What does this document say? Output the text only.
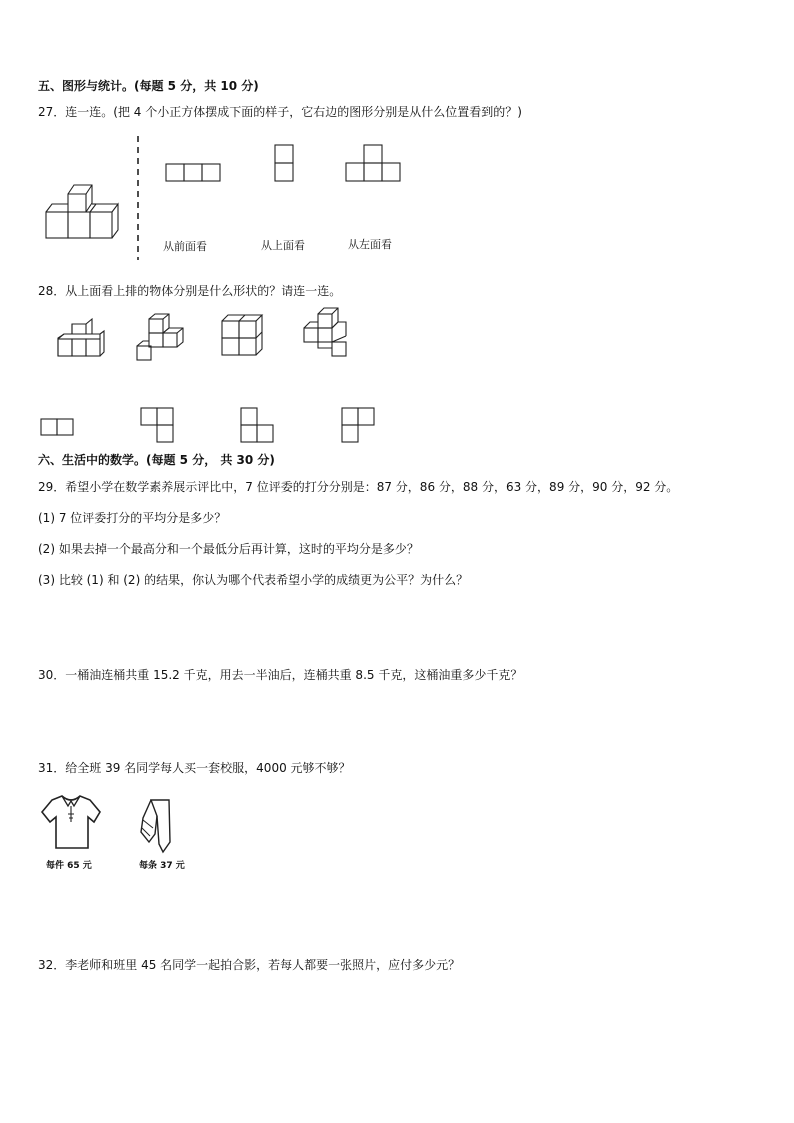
五、图形与统计。(每题 5 分，共 10 分)

27．连一连。(把 4 个小正方体摆成下面的样子，它右边的图形分别是从什么位置看到的？)

从前面看	从上面看	从左面看

28．从上面看上排的物体分别是什么形状的？请连一连。

六、生活中的数学。(每题 5 分， 共 30 分)

29．希望小学在数学素养展示评比中，7 位评委的打分分别是：87 分，86 分，88 分，63 分，89 分，90 分，92 分。

(1) 7 位评委打分的平均分是多少？

(2) 如果去掉一个最高分和一个最低分后再计算，这时的平均分是多少？

(3) 比较 (1) 和 (2) 的结果，你认为哪个代表希望小学的成绩更为公平？为什么？

30．一桶油连桶共重 15.2 千克，用去一半油后，连桶共重 8.5 千克，这桶油重多少千克？

31．给全班 39 名同学每人买一套校服，4000 元够不够？

每件 65 元	每条 37 元

32．李老师和班里 45 名同学一起拍合影，若每人都要一张照片，应付多少元？
